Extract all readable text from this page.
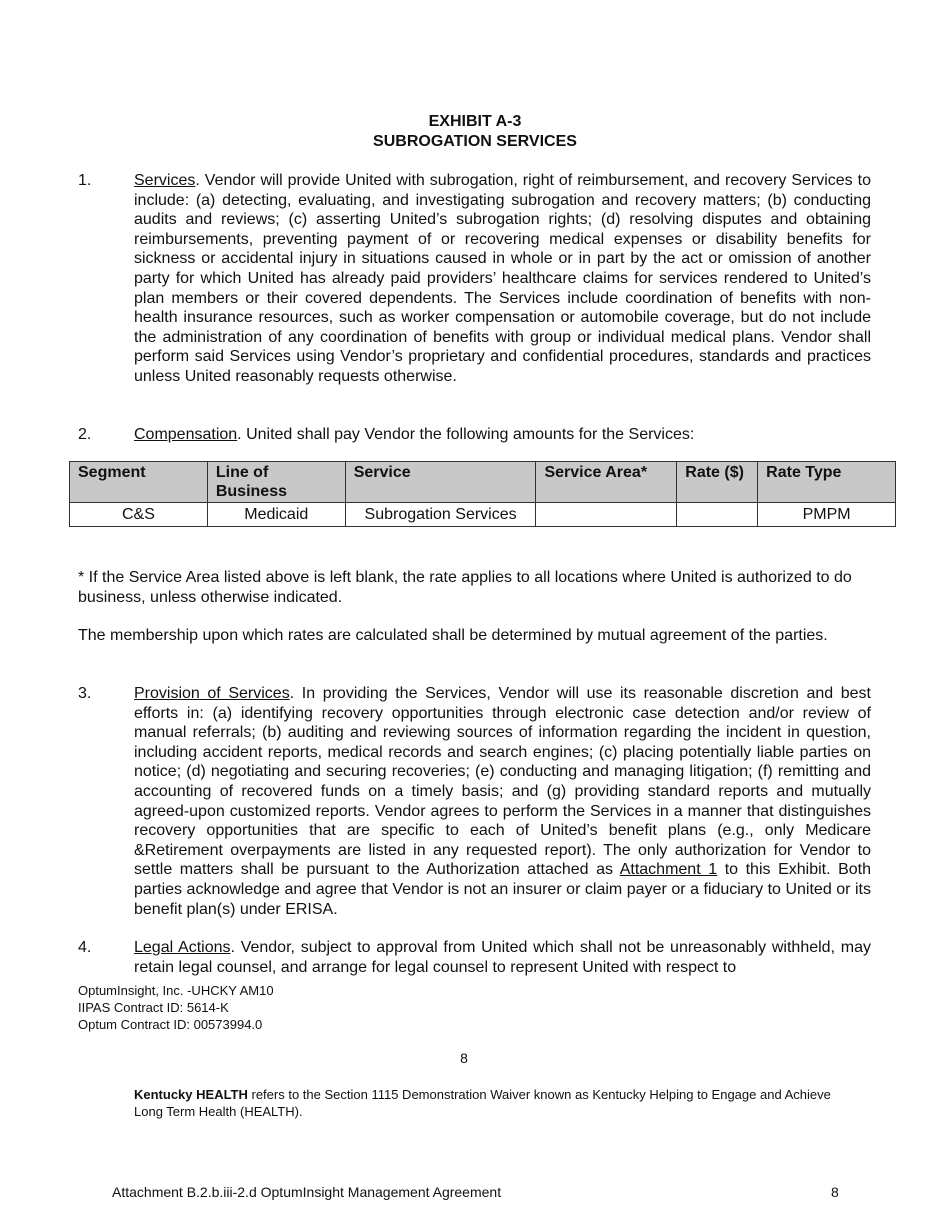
EXHIBIT A-3
SUBROGATION SERVICES
1.	Services. Vendor will provide United with subrogation, right of reimbursement, and recovery Services to include: (a) detecting, evaluating, and investigating subrogation and recovery matters; (b) conducting audits and reviews; (c) asserting United’s subrogation rights; (d) resolving disputes and obtaining reimbursements, preventing payment of or recovering medical expenses or disability benefits for sickness or accidental injury in situations caused in whole or in part by the act or omission of another party for which United has already paid providers’ healthcare claims for services rendered to United’s plan members or their covered dependents. The Services include coordination of benefits with non-health insurance resources, such as worker compensation or automobile coverage, but do not include the administration of any coordination of benefits with group or individual medical plans. Vendor shall perform said Services using Vendor’s proprietary and confidential procedures, standards and practices unless United reasonably requests otherwise.
2.	Compensation. United shall pay Vendor the following amounts for the Services:
Segment	Line of Business	Service	Service Area*	Rate ($)	Rate Type
C&S	Medicaid	Subrogation Services			PMPM
* If the Service Area listed above is left blank, the rate applies to all locations where United is authorized to do business, unless otherwise indicated.
The membership upon which rates are calculated shall be determined by mutual agreement of the parties.
3.	Provision of Services. In providing the Services, Vendor will use its reasonable discretion and best efforts in: (a) identifying recovery opportunities through electronic case detection and/or review of manual referrals; (b) auditing and reviewing sources of information regarding the incident in question, including accident reports, medical records and search engines; (c) placing potentially liable parties on notice; (d) negotiating and securing recoveries; (e) conducting and managing litigation; (f) remitting and accounting of recovered funds on a timely basis; and (g) providing standard reports and mutually agreed-upon customized reports. Vendor agrees to perform the Services in a manner that distinguishes recovery opportunities that are specific to each of United’s benefit plans (e.g., only Medicare &Retirement overpayments are listed in any requested report). The only authorization for Vendor to settle matters shall be pursuant to the Authorization attached as Attachment 1 to this Exhibit. Both parties acknowledge and agree that Vendor is not an insurer or claim payer or a fiduciary to United or its benefit plan(s) under ERISA.
4.	Legal Actions. Vendor, subject to approval from United which shall not be unreasonably withheld, may retain legal counsel, and arrange for legal counsel to represent United with respect to
OptumInsight, Inc. -UHCKY AM10
IIPAS Contract ID: 5614-K
Optum Contract ID: 00573994.0
8
Kentucky HEALTH refers to the Section 1115 Demonstration Waiver known as Kentucky Helping to Engage and Achieve Long Term Health (HEALTH).
Attachment B.2.b.iii-2.d OptumInsight Management Agreement	8
